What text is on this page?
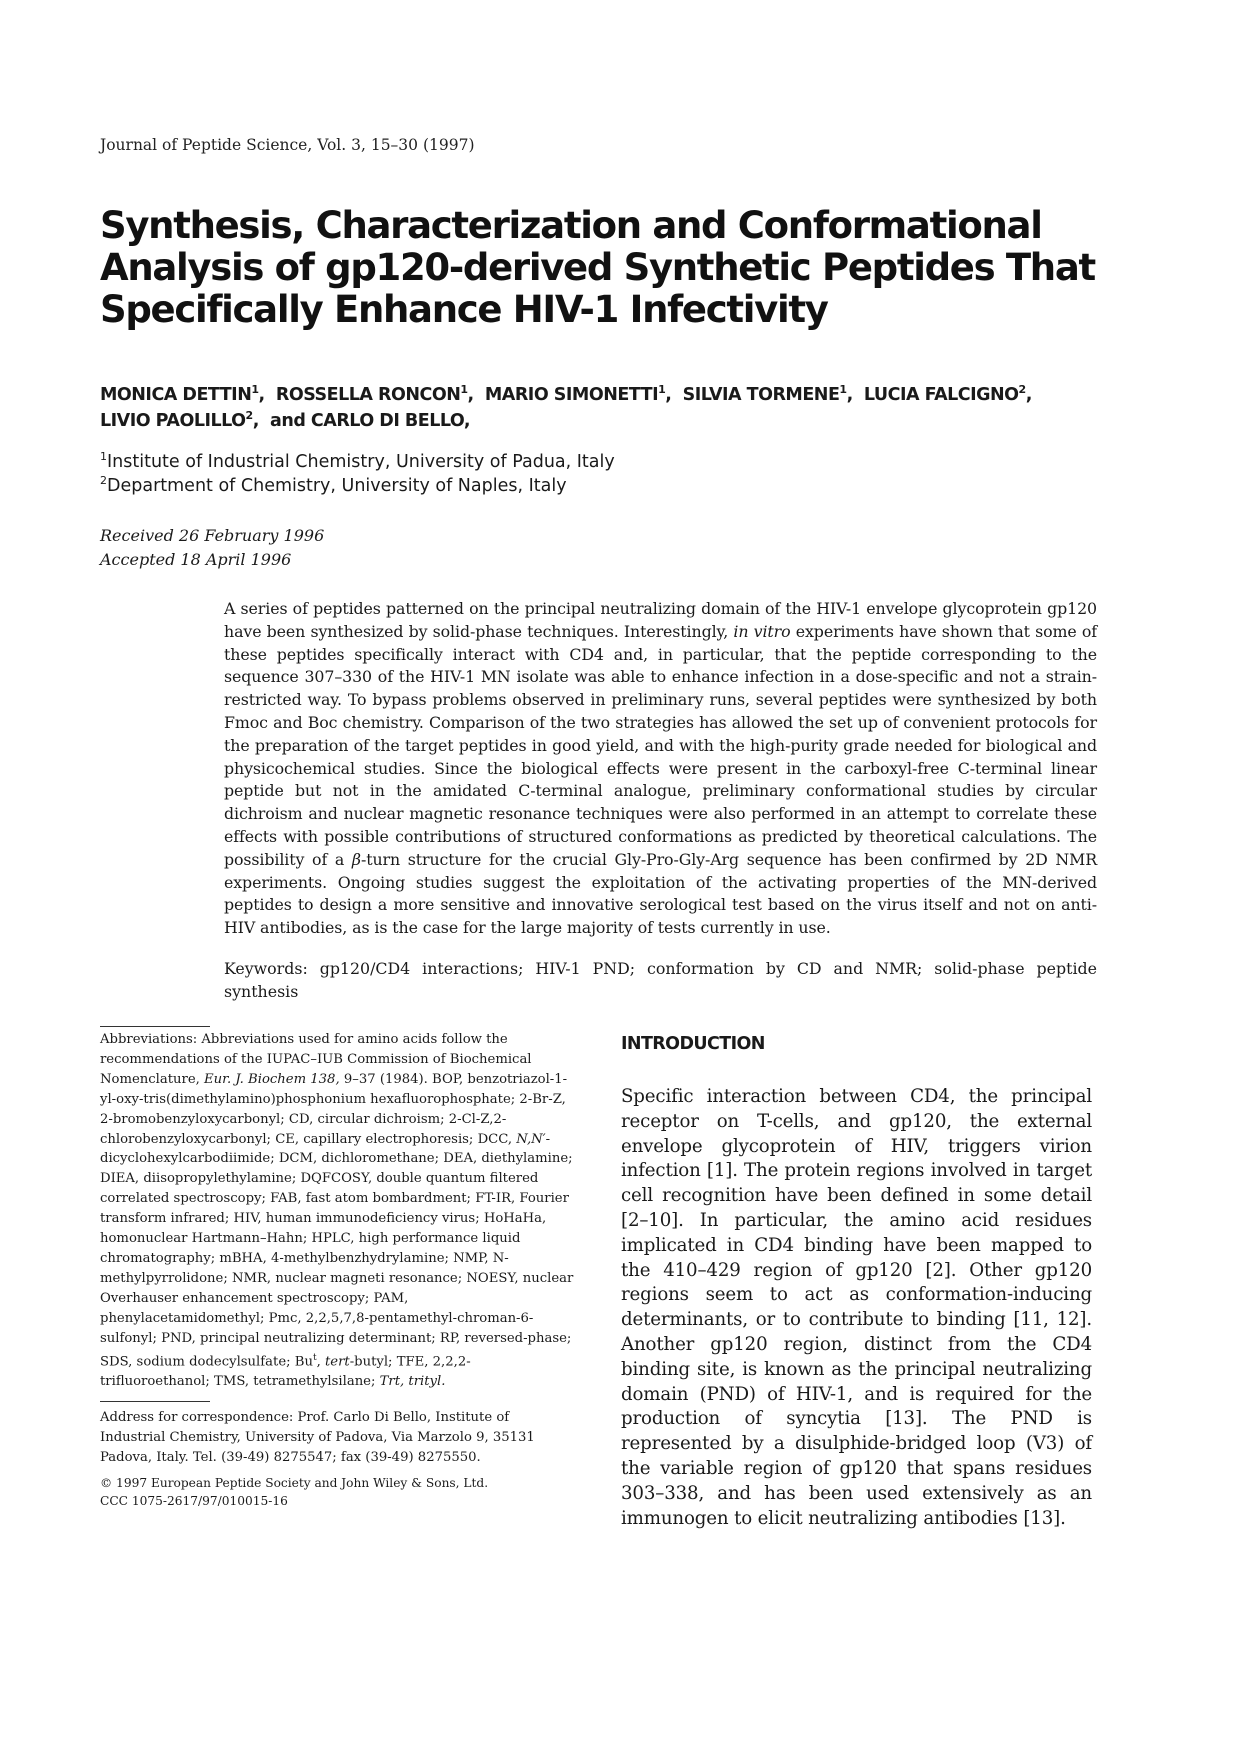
Journal of Peptide Science, Vol. 3, 15–30 (1997)
Synthesis, Characterization and Conformational Analysis of gp120-derived Synthetic Peptides That Specifically Enhance HIV-1 Infectivity
MONICA DETTIN$^1$, ROSSELLA RONCON$^1$, MARIO SIMONETTI$^1$, SILVIA TORMENE$^1$, LUCIA FALCIGNO$^2$,
LIVIO PAOLILLO$^2$, and CARLO DI BELLO,
$^1$Institute of Industrial Chemistry, University of Padua, Italy
$^2$Department of Chemistry, University of Naples, Italy
Received 26 February 1996
Accepted 18 April 1996

A series of peptides patterned on the principal neutralizing domain of the HIV-1 envelope glycoprotein gp120 have been synthesized by solid-phase techniques. Interestingly, in vitro experiments have shown that some of these peptides specifically interact with CD4 and, in particular, that the peptide corresponding to the sequence 307–330 of the HIV-1 MN isolate was able to enhance infection in a dose-specific and not a strain-restricted way. To bypass problems observed in preliminary runs, several peptides were synthesized by both Fmoc and Boc chemistry. Comparison of the two strategies has allowed the set up of convenient protocols for the preparation of the target peptides in good yield, and with the high-purity grade needed for biological and physicochemical studies. Since the biological effects were present in the carboxyl-free C-terminal linear peptide but not in the amidated C-terminal analogue, preliminary conformational studies by circular dichroism and nuclear magnetic resonance techniques were also performed in an attempt to correlate these effects with possible contributions of structured conformations as predicted by theoretical calculations. The possibility of a β-turn structure for the crucial Gly-Pro-Gly-Arg sequence has been confirmed by 2D NMR experiments. Ongoing studies suggest the exploitation of the activating properties of the MN-derived peptides to design a more sensitive and innovative serological test based on the virus itself and not on anti-HIV antibodies, as is the case for the large majority of tests currently in use.

Keywords: gp120/CD4 interactions; HIV-1 PND; conformation by CD and NMR; solid-phase peptide synthesis

Abbreviations: Abbreviations used for amino acids follow the recommendations of the IUPAC–IUB Commission of Biochemical Nomenclature, Eur. J. Biochem 138, 9–37 (1984). BOP, benzotriazol-1-yl-oxy-tris(dimethylamino)phosphonium hexafluorophosphate; 2-Br-Z, 2-bromobenzyloxycarbonyl; CD, circular dichroism; 2-Cl-Z,2-chlorobenzyloxycarbonyl; CE, capillary electrophoresis; DCC, N,N′-dicyclohexylcarbodiimide; DCM, dichloromethane; DEA, diethylamine; DIEA, diisopropylethylamine; DQFCOSY, double quantum filtered correlated spectroscopy; FAB, fast atom bombardment; FT-IR, Fourier transform infrared; HIV, human immunodeficiency virus; HoHaHa, homonuclear Hartmann–Hahn; HPLC, high performance liquid chromatography; mBHA, 4-methylbenzhydrylamine; NMP, N-methylpyrrolidone; NMR, nuclear magneti resonance; NOESY, nuclear Overhauser enhancement spectroscopy; PAM, phenylacetamidomethyl; Pmc, 2,2,5,7,8-pentamethyl-chroman-6-sulfonyl; PND, principal neutralizing determinant; RP, reversed-phase; SDS, sodium dodecylsulfate; Bu$^t$, tert-butyl; TFE, 2,2,2-trifluoroethanol; TMS, tetramethylsilane; Trt, trityl.

Address for correspondence: Prof. Carlo Di Bello, Institute of Industrial Chemistry, University of Padova, Via Marzolo 9, 35131 Padova, Italy. Tel. (39-49) 8275547; fax (39-49) 8275550.

© 1997 European Peptide Society and John Wiley & Sons, Ltd.
CCC 1075-2617/97/010015-16
INTRODUCTION

Specific interaction between CD4, the principal receptor on T-cells, and gp120, the external envelope glycoprotein of HIV, triggers virion infection [1]. The protein regions involved in target cell recognition have been defined in some detail [2–10]. In particular, the amino acid residues implicated in CD4 binding have been mapped to the 410–429 region of gp120 [2]. Other gp120 regions seem to act as conformation-inducing determinants, or to contribute to binding [11, 12]. Another gp120 region, distinct from the CD4 binding site, is known as the principal neutralizing domain (PND) of HIV-1, and is required for the production of syncytia [13]. The PND is represented by a disulphide-bridged loop (V3) of the variable region of gp120 that spans residues 303–338, and has been used extensively as an immunogen to elicit neutralizing antibodies [13].
